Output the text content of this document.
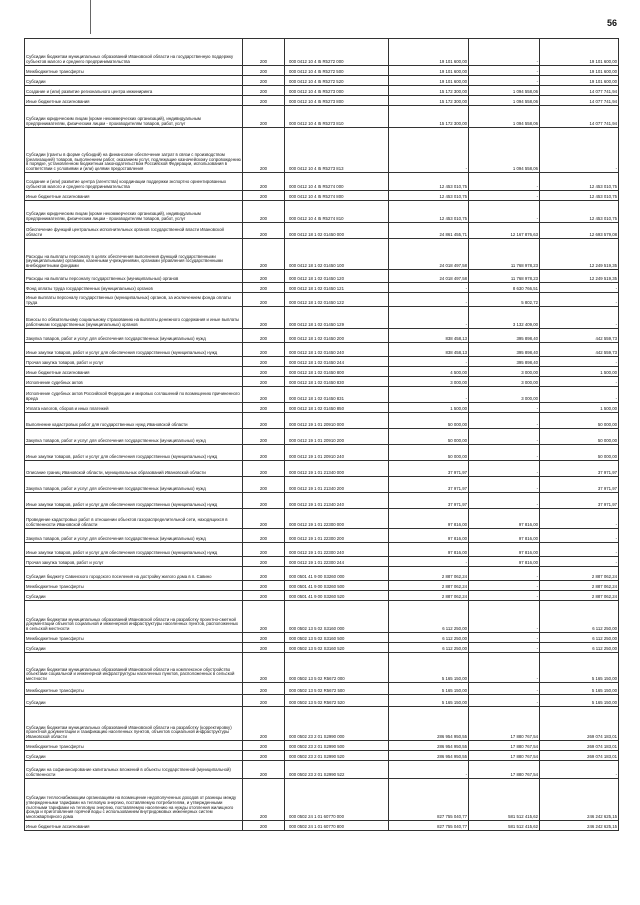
56
Субсидии бюджетам муниципальных образований Ивановской области на государственную поддержку субъектов малого и среднего предпринимательства	200	000 0412 10 4 I5 R5272 000	19 101 600,00	-	19 101 600,00
Межбюджетные трансферты	200	000 0412 10 4 I5 R5272 500	19 101 600,00	-	19 101 600,00
Субсидии	200	000 0412 10 4 I5 R5272 520	19 101 600,00	-	19 101 600,00
Создание и (или) развитие регионального центра инжиниринга	200	000 0412 10 4 I5 R5273 000	15 172 300,00	1 094 558,06	14 077 741,94
Иные бюджетные ассигнования	200	000 0412 10 4 I5 R5273 800	15 172 300,00	1 094 558,06	14 077 741,94
Субсидии юридическим лицам (кроме некоммерческих организаций), индивидуальным предпринимателям, физическим лицам - производителям товаров, работ, услуг	200	000 0412 10 4 I5 R5273 810	15 172 300,00	1 094 558,06	14 077 741,94
Субсидии (гранты в форме субсидий) на финансовое обеспечение затрат в связи с производством (реализацией) товаров, выполнением работ, оказанием услуг, подлежащие казначейскому сопровождению в порядке, установленном бюджетным законодательством Российской Федерации, использования в соответствии с условиями и (или) целями предоставления	200	000 0412 10 4 I5 R5273 813	-	1 094 558,06	-
Создание и (или) развитие центра (агентства) координации поддержки экспортно ориентированных субъектов малого и среднего предпринимательства	200	000 0412 10 4 I5 R5274 000	12 453 010,75	-	12 453 010,75
Иные бюджетные ассигнования	200	000 0412 10 4 I5 R5274 800	12 453 010,75	-	12 453 010,75
Субсидии юридическим лицам (кроме некоммерческих организаций), индивидуальным предпринимателям, физическим лицам - производителям товаров, работ, услуг	200	000 0412 10 4 I5 R5274 810	12 453 010,75	-	12 453 010,75
Обеспечение функций центральных исполнительных органов государственной власти Ивановской области	200	000 0412 18 1 02 01450 000	24 861 455,71	12 167 876,63	12 693 579,08
Расходы на выплаты персоналу в целях обеспечения выполнения функций государственными (муниципальными) органами, казенными учреждениями, органами управления государственными внебюджетными фондами	200	000 0412 18 1 02 01450 100	24 018 497,58	11 768 978,23	12 249 519,35
Расходы на выплаты персоналу государственных (муниципальных) органов	200	000 0412 18 1 02 01450 120	24 018 497,58	11 768 978,23	12 249 519,35
Фонд оплаты труда государственных (муниципальных) органов	200	000 0412 18 1 02 01450 121	-	8 630 766,51	-
Иные выплаты персоналу государственных (муниципальных) органов, за исключением фонда оплаты труда	200	000 0412 18 1 02 01450 122	-	5 802,72	-
Взносы по обязательному социальному страхованию на выплаты денежного содержания и иные выплаты работникам государственных (муниципальных) органов	200	000 0412 18 1 02 01450 129	-	3 132 409,00	-
Закупка товаров, работ и услуг для обеспечения государственных (муниципальных) нужд	200	000 0412 18 1 02 01450 200	838 458,13	395 898,40	442 559,73
Иные закупки товаров, работ и услуг для обеспечения государственных (муниципальных) нужд	200	000 0412 18 1 02 01450 240	838 458,13	395 898,40	442 559,73
Прочая закупка товаров, работ и услуг	200	000 0412 18 1 02 01450 244	-	395 898,40	-
Иные бюджетные ассигнования	200	000 0412 18 1 02 01450 800	4 500,00	3 000,00	1 500,00
Исполнение судебных актов	200	000 0412 18 1 02 01450 830	3 000,00	3 000,00	-
Исполнение судебных актов Российской Федерации и мировых соглашений по возмещению причиненного вреда	200	000 0412 18 1 02 01450 831	-	3 000,00	-
Уплата налогов, сборов и иных платежей	200	000 0412 18 1 02 01450 850	1 500,00	-	1 500,00
Выполнение кадастровых работ для государственных нужд Ивановской области	200	000 0412 19 1 01 20910 000	50 000,00	-	50 000,00
Закупка товаров, работ и услуг для обеспечения государственных (муниципальных) нужд	200	000 0412 19 1 01 20910 200	50 000,00	-	50 000,00
Иные закупки товаров, работ и услуг для обеспечения государственных (муниципальных) нужд	200	000 0412 19 1 01 20910 240	50 000,00	-	50 000,00
Описание границ Ивановской области, муниципальных образований Ивановской области	200	000 0412 19 1 01 21340 000	37 971,97	-	37 971,97
Закупка товаров, работ и услуг для обеспечения государственных (муниципальных) нужд	200	000 0412 19 1 01 21340 200	37 971,97	-	37 971,97
Иные закупки товаров, работ и услуг для обеспечения государственных (муниципальных) нужд	200	000 0412 19 1 01 21340 240	37 971,97	-	37 971,97
Проведение кадастровых работ в отношении объектов газораспределительной сети, находящихся в собственности Ивановской области	200	000 0412 19 1 01 22300 000	97 816,00	97 816,00	-
Закупка товаров, работ и услуг для обеспечения государственных (муниципальных) нужд	200	000 0412 19 1 01 22300 200	97 816,00	97 816,00	-
Иные закупки товаров, работ и услуг для обеспечения государственных (муниципальных) нужд	200	000 0412 19 1 01 22300 240	97 816,00	97 816,00	-
Прочая закупка товаров, работ и услуг	200	000 0412 19 1 01 22300 244	-	97 816,00	-
Субсидия бюджету Савинского городского поселения на достройку жилого дома в п. Савино	200	000 0501 41 9 00 S3260 000	2 887 062,24	-	2 887 062,24
Межбюджетные трансферты	200	000 0501 41 9 00 S3260 500	2 887 062,24	-	2 887 062,24
Субсидии	200	000 0501 41 9 00 S3260 520	2 887 062,24	-	2 887 062,24
Субсидии бюджетам муниципальных образований Ивановской области на разработку проектно-сметной документации объектов социальной и инженерной инфраструктуры населенных пунктов, расположенных в сельской местности	200	000 0502 13 5 02 S3160 000	6 112 250,00	-	6 112 250,00
Межбюджетные трансферты	200	000 0502 13 5 02 S3160 500	6 112 250,00	-	6 112 250,00
Субсидии	200	000 0502 13 5 02 S3160 520	6 112 250,00	-	6 112 250,00
Субсидии бюджетам муниципальных образований Ивановской области на комплексное обустройство объектами социальной и инженерной инфраструктуры населенных пунктов, расположенных в сельской местности	200	000 0502 13 5 02 R5672 000	5 165 150,00	-	5 165 150,00
Межбюджетные трансферты	200	000 0502 13 5 02 R5672 500	5 165 150,00	-	5 165 150,00
Субсидии	200	000 0502 13 5 02 R5672 520	5 165 150,00	-	5 165 150,00
Субсидии бюджетам муниципальных образований Ивановской области на разработку (корректировку) проектной документации и газификацию населенных пунктов, объектов социальной инфраструктуры Ивановской области	200	000 0502 23 2 01 S2990 000	286 954 950,55	17 880 767,54	269 074 183,01
Межбюджетные трансферты	200	000 0502 23 2 01 S2990 500	286 954 950,55	17 880 767,54	269 074 183,01
Субсидии	200	000 0502 23 2 01 S2990 520	286 954 950,55	17 880 767,54	269 074 183,01
Субсидии на софинансирование капитальных вложений в объекты государственной (муниципальной) собственности	200	000 0502 23 2 01 S2990 522	-	17 880 767,54	-
Субсидии теплоснабжающим организациям на возмещение недополученных доходов от разницы между утвержденными тарифами на тепловую энергию, поставляемую потребителям, и утвержденными льготными тарифами на тепловую энергию, поставляемую населению на нужды отопления жилищного фонда и приготовления горячей воды с использованием внутридомовых инженерных систем многоквартирного дома	200	000 0502 24 1 01 60770 000	827 755 040,77	581 512 415,62	246 242 625,15
Иные бюджетные ассигнования	200	000 0502 24 1 01 60770 800	827 755 040,77	581 512 415,62	246 242 625,15
